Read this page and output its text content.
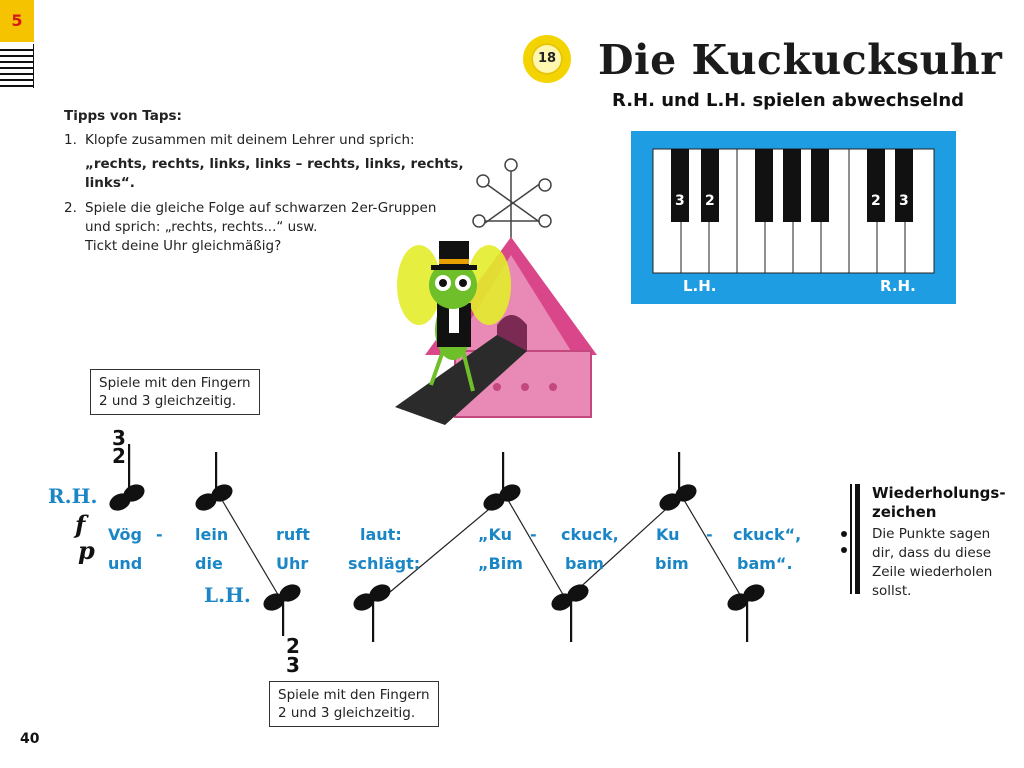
5
18 Die Kuckucksuhr
R.H. und L.H. spielen abwechselnd
Tipps von Taps:
1. Klopfe zusammen mit deinem Lehrer und sprich:
„rechts, rechts, links, links – rechts, links, rechts, links“.
2. Spiele die gleiche Folge auf schwarzen 2er-Gruppen
und sprich: „rechts, rechts...“ usw.
Tickt deine Uhr gleichmäßig?
3 2	2 3
L.H.	R.H.
Spiele mit den Fingern
2 und 3 gleichzeitig.
Spiele mit den Fingern
2 und 3 gleichzeitig.
3
2
2
3
R.H.
L.H.
f
p
Vög - lein	ruft	laut:	„Ku - ckuck, Ku - ckuck“,
und	die	Uhr schlägt:	„Bim	bam	bim	bam“.
Wiederholungs-
zeichen
Die Punkte sagen
dir, dass du diese
Zeile wiederholen
sollst.
40
